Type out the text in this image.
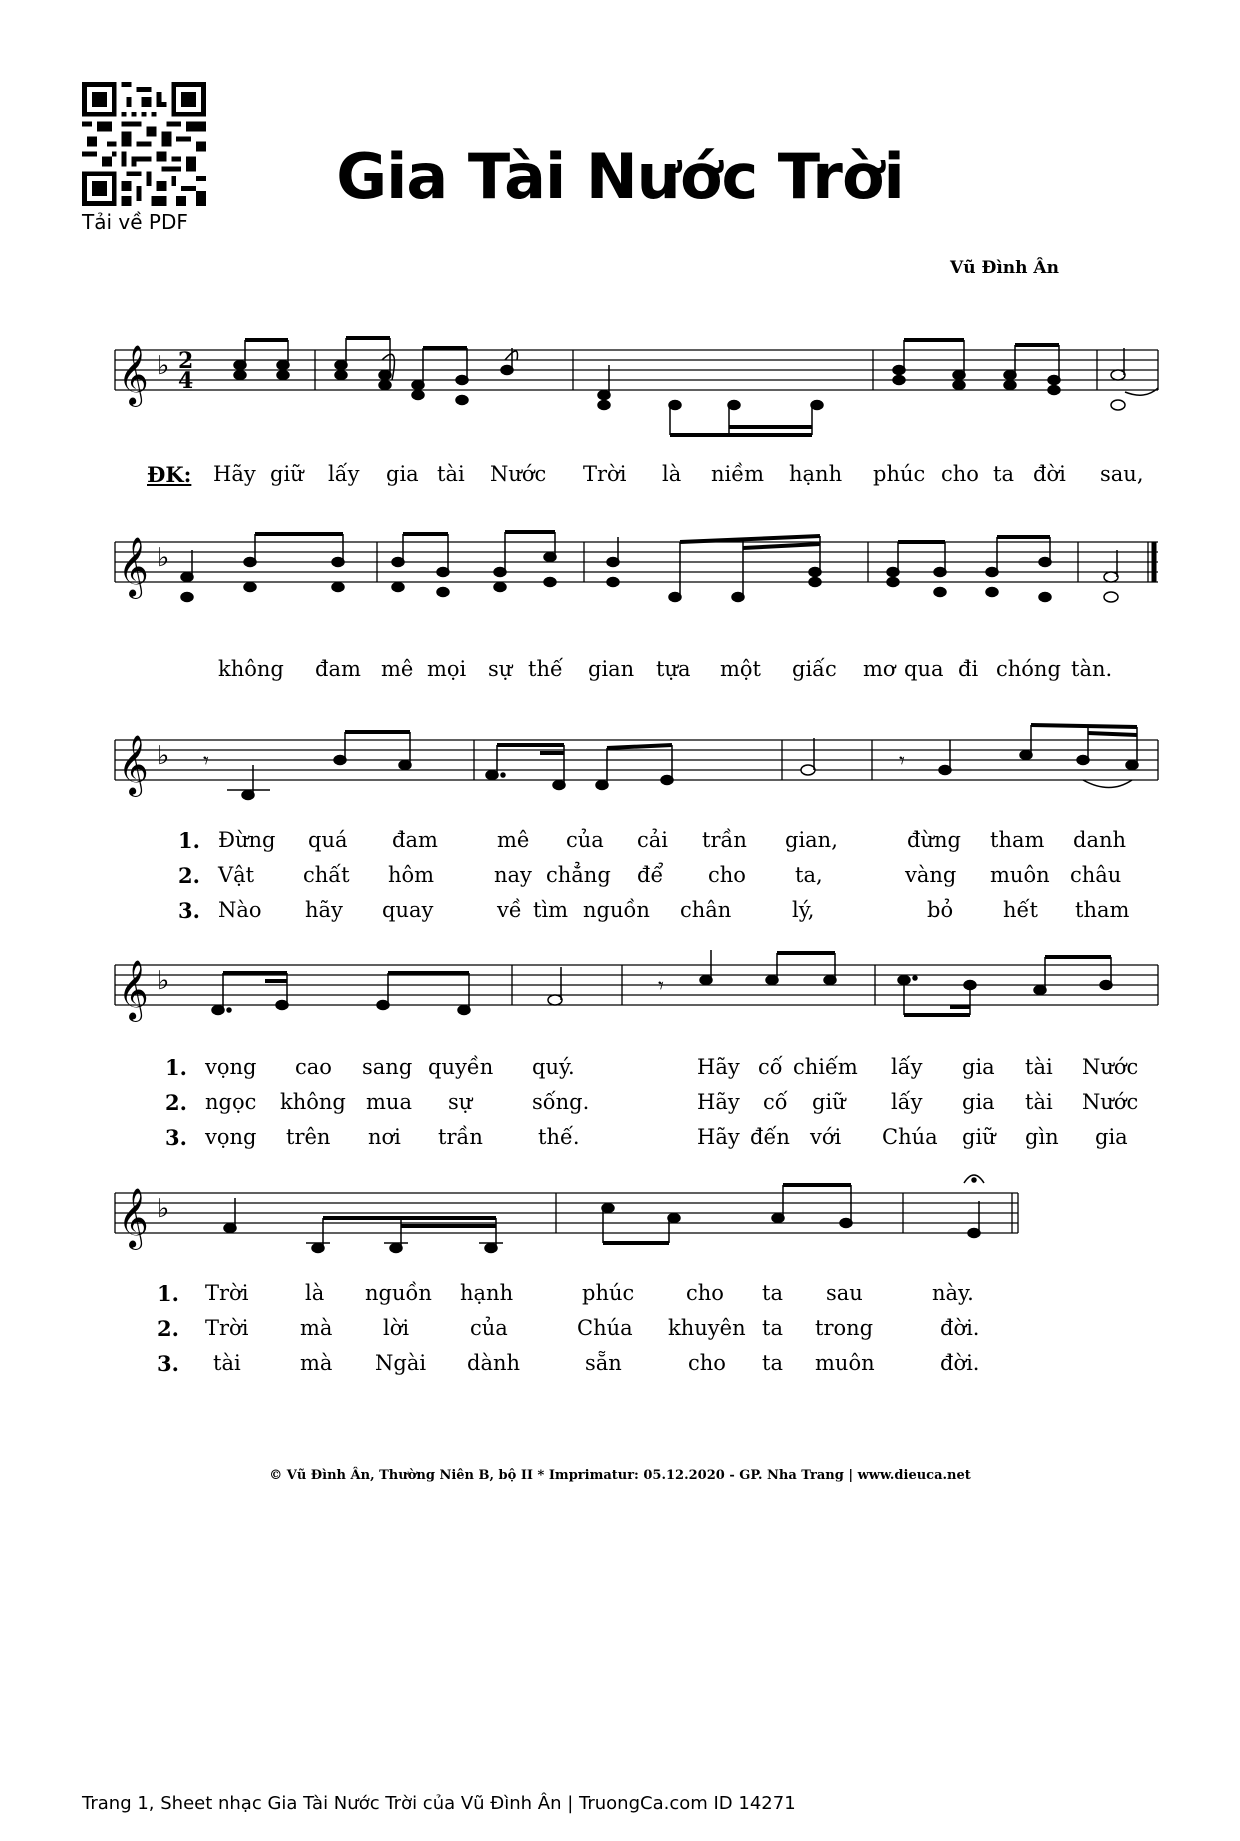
Tải về PDF
Gia Tài Nước Trời
Vũ Đình Ân
𝄞 ♭ 2
4
ĐK: Hãy giữ lấy gia tài Nước Trời là niềm hạnh phúc cho ta đời sau,
𝄞 ♭
không đam mê mọi sự thế gian tựa một giấc mơ qua đi chóng tàn.
𝄞 ♭ 𝄾	𝄾
1.
2.
3.
Đừng quá đam	mê của cải trần gian,	đừng tham danh
Vật chất hôm	nay chẳng để cho ta,	vàng muôn châu
Nào hãy quay	về tìm nguồn chân	lý,	bỏ hết tham
𝄞 ♭	𝄾
1.
2.
3.
vọng cao sang quyền quý.	Hãy cố chiếm lấy gia tài Nước
ngọc không mua sự	sống.	Hãy cố giữ lấy gia tài Nước
vọng trên nơi trần	thế.	Hãy đến với Chúa giữ gìn gia
𝄞 ♭
1.
2.
3.
Trời	là nguồn hạnh	phúc cho ta sau	này.
Trời mà lời	của	Chúa khuyên ta trong	đời.
tài	mà Ngài dành	sẵn	cho ta muôn	đời.
© Vũ Đình Ân, Thường Niên B, bộ II * Imprimatur: 05.12.2020 - GP. Nha Trang | www.dieuca.net
Trang 1, Sheet nhạc Gia Tài Nước Trời của Vũ Đình Ân | TruongCa.com ID 14271
